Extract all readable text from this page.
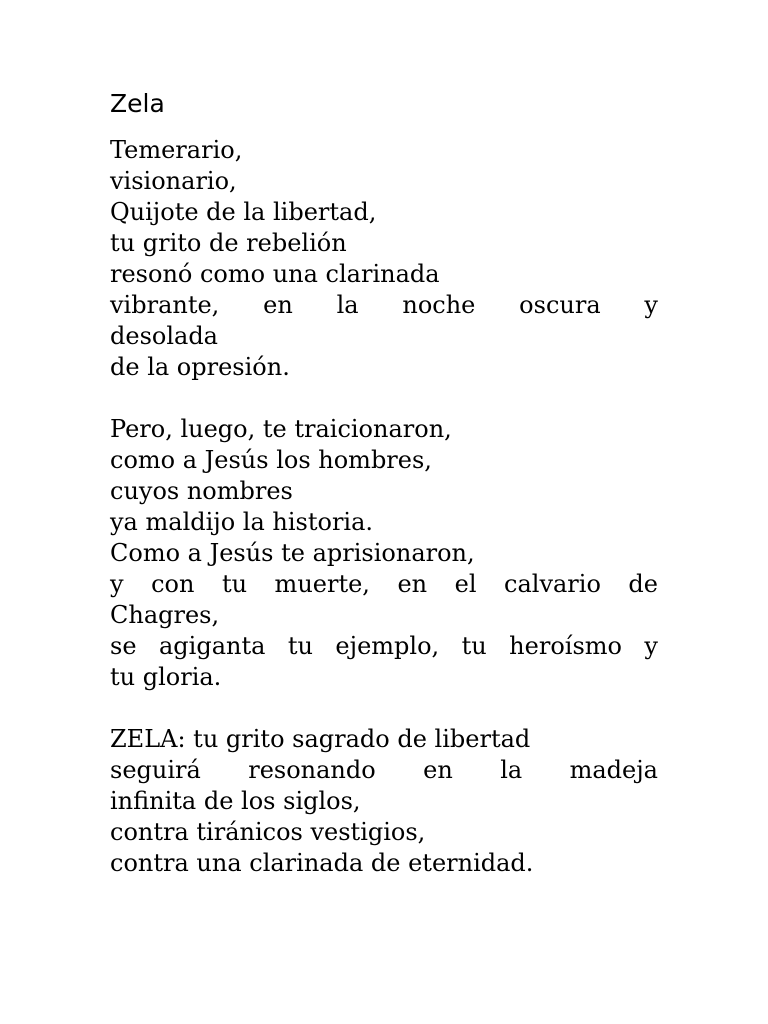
Zela
Temerario,
visionario,
Quijote de la libertad,
tu grito de rebelión
resonó como una clarinada
vibrante, en la noche oscura y
desolada
de la opresión.
Pero, luego, te traicionaron,
como a Jesús los hombres,
cuyos nombres
ya maldijo la historia.
Como a Jesús te aprisionaron,
y con tu muerte, en el calvario de
Chagres,
se agiganta tu ejemplo, tu heroísmo y
tu gloria.
ZELA: tu grito sagrado de libertad
seguirá resonando en la madeja
infinita de los siglos,
contra tiránicos vestigios,
contra una clarinada de eternidad.
